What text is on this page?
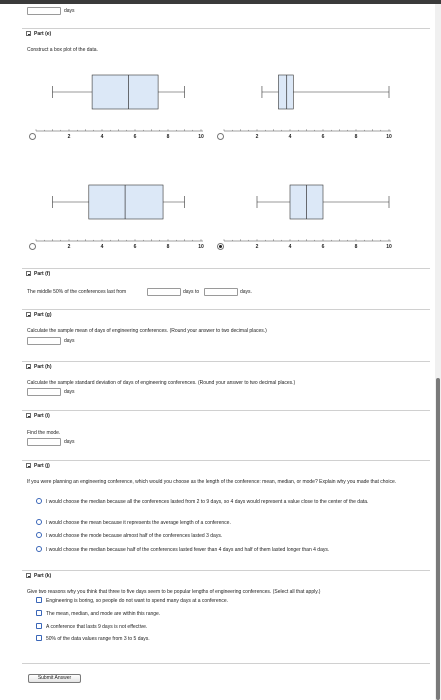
days
Part (e)
Construct a box plot of the data.
2	4	6	8	10	2	4	6	8	10
2	4	6	8	10	2	4	6	8	10
Part (f)
The middle 50% of the conferences last from	days to	days.
Part (g)
Calculate the sample mean of days of engineering conferences. (Round your answer to two decimal places.)
days
Part (h)
Calculate the sample standard deviation of days of engineering conferences. (Round your answer to two decimal places.)
days
Part (i)
Find the mode.
days
Part (j)
If you were planning an engineering conference, which would you choose as the length of the conference: mean, median, or mode? Explain why you made that choice.
I would choose the median because all the conferences lasted from 2 to 9 days, so 4 days would represent a value close to the center of the data.
I would choose the mean because it represents the average length of a conference.
I would choose the mode because almost half of the conferences lasted 3 days.
I would choose the median because half of the conferences lasted fewer than 4 days and half of them lasted longer than 4 days.
Part (k)
Give two reasons why you think that three to five days seem to be popular lengths of engineering conferences. (Select all that apply.)
Engineering is boring, so people do not want to spend many days at a conference.
The mean, median, and mode are within this range.
A conference that lasts 9 days is not effective.
50% of the data values range from 3 to 5 days.
Submit Answer
